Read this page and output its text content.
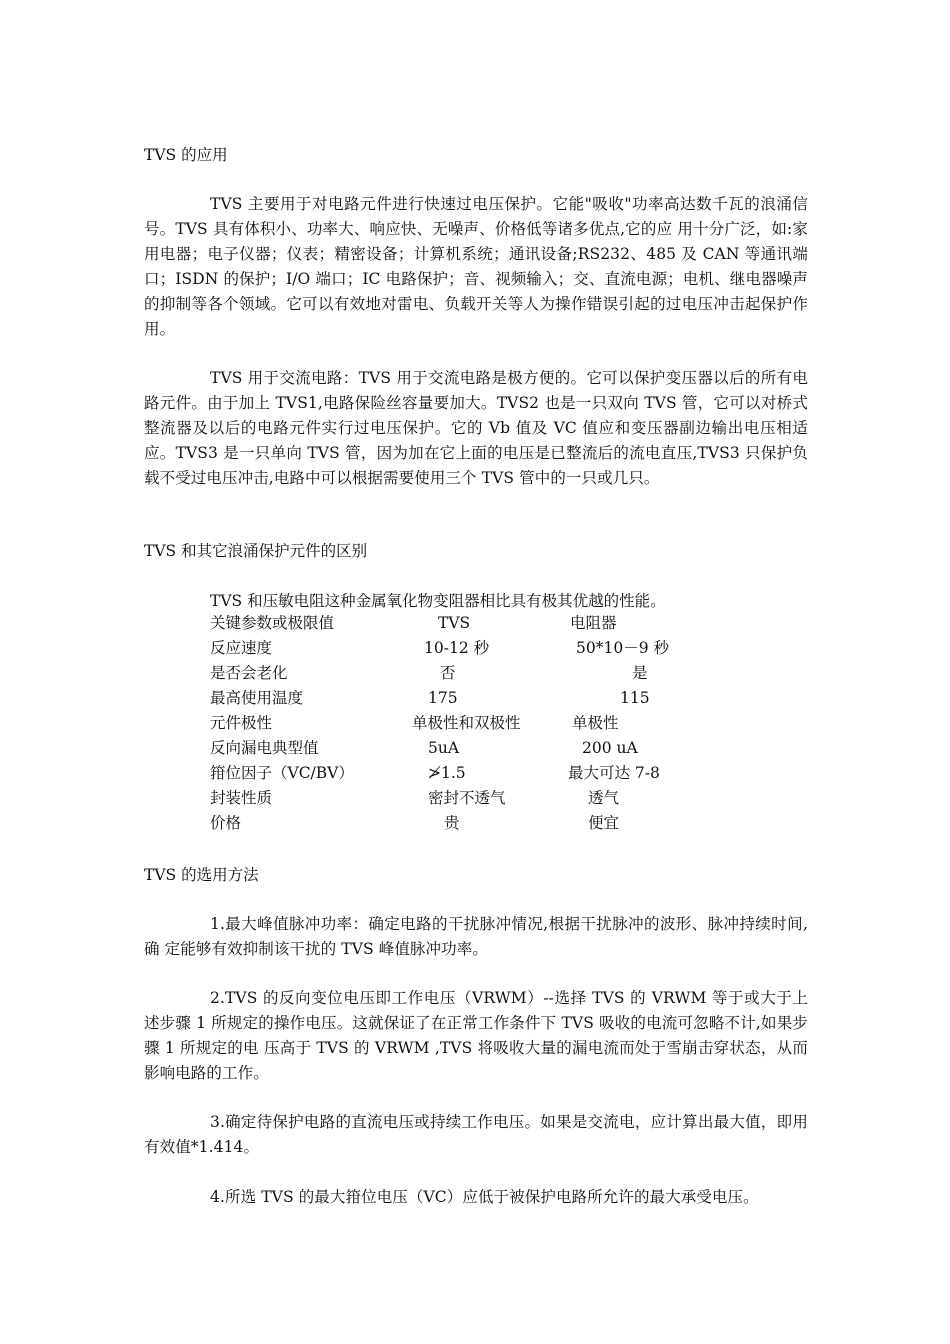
TVS 的应用
TVS 主要用于对电路元件进行快速过电压保护。它能"吸收"功率高达数千瓦的浪涌信号。TVS 具有体积小、功率大、响应快、无噪声、价格低等诸多优点,它的应 用十分广泛，如:家用电器；电子仪器；仪表；精密设备；计算机系统；通讯设备;RS232、485 及 CAN 等通讯端口；ISDN 的保护；I/O 端口；IC 电路保护；音、视频输入；交、直流电源；电机、继电器噪声的抑制等各个领域。它可以有效地对雷电、负载开关等人为操作错误引起的过电压冲击起保护作用。
TVS 用于交流电路：TVS 用于交流电路是极方便的。它可以保护变压器以后的所有电路元件。由于加上 TVS1,电路保险丝容量要加大。TVS2 也是一只双向 TVS 管，它可以对桥式整流器及以后的电路元件实行过电压保护。它的 Vb 值及 VC 值应和变压器副边输出电压相适应。TVS3 是一只单向 TVS 管，因为加在它上面的电压是已整流后的流电直压,TVS3 只保护负载不受过电压冲击,电路中可以根据需要使用三个 TVS 管中的一只或几只。
TVS 和其它浪涌保护元件的区别
TVS 和压敏电阻这种金属氧化物变阻器相比具有极其优越的性能。
TVS 的选用方法
1.最大峰值脉冲功率：确定电路的干扰脉冲情况,根据干扰脉冲的波形、脉冲持续时间,确 定能够有效抑制该干扰的 TVS 峰值脉冲功率。
2.TVS 的反向变位电压即工作电压（VRWM）--选择 TVS 的 VRWM 等于或大于上述步骤 1 所规定的操作电压。这就保证了在正常工作条件下 TVS 吸收的电流可忽略不计,如果步骤 1 所规定的电 压高于 TVS 的 VRWM ,TVS 将吸收大量的漏电流而处于雪崩击穿状态，从而影响电路的工作。
3.确定待保护电路的直流电压或持续工作电压。如果是交流电，应计算出最大值，即用有效值*1.414。
4.所选 TVS 的最大箝位电压（VC）应低于被保护电路所允许的最大承受电压。
关键参数或极限值	TVS	电阻器
反应速度	10-12 秒	50*10－9 秒
是否会老化	否	是
最高使用温度	175	115
元件极性	单极性和双极性	单极性
反向漏电典型值	5uA	200 uA
箝位因子（VC/BV）	≯1.5	最大可达 7-8
封装性质	密封不透气	透气
价格	贵	便宜
